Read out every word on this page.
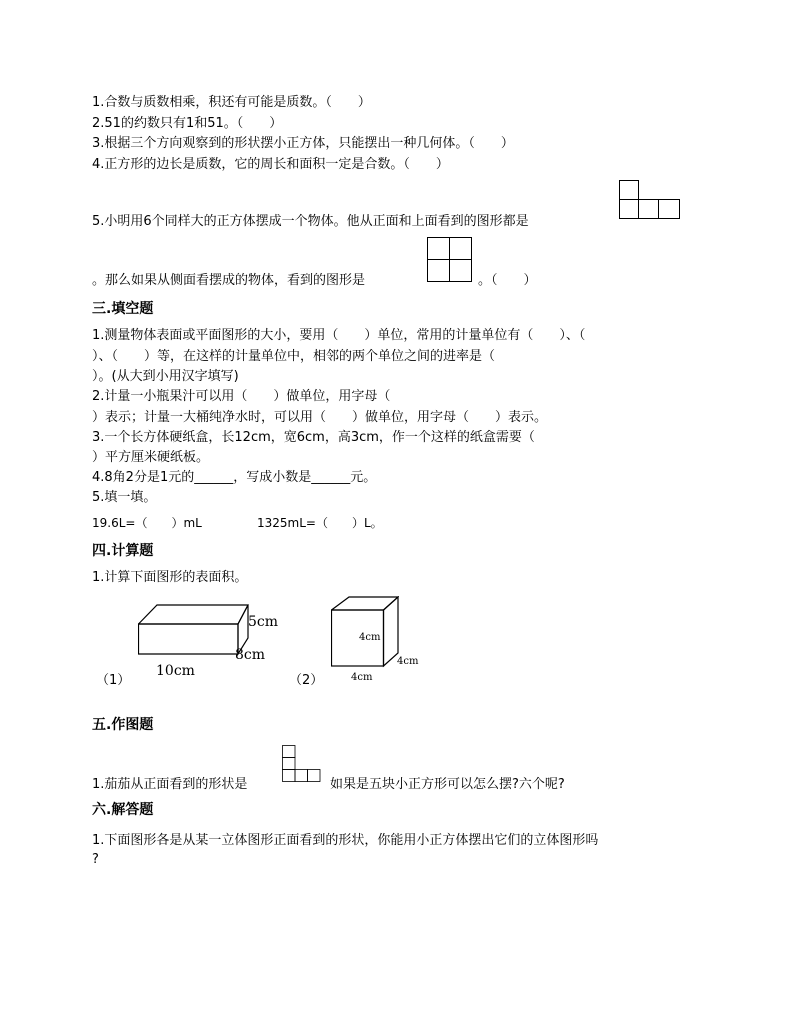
1.合数与质数相乘，积还有可能是质数。（　　）
2.51的约数只有1和51。（　　）
3.根据三个方向观察到的形状摆小正方体，只能摆出一种几何体。（　　）
4.正方形的边长是质数，它的周长和面积一定是合数。（　　）
5.小明用6个同样大的正方体摆成一个物体。他从正面和上面看到的图形都是
。那么如果从侧面看摆成的物体，看到的图形是	。（　　）
三.填空题
1.测量物体表面或平面图形的大小，要用（　　）单位，常用的计量单位有（　　）、（
）、（　　）等，在这样的计量单位中，相邻的两个单位之间的进率是（
）。(从大到小用汉字填写)
2.计量一小瓶果汁可以用（　　）做单位，用字母（
）表示；计量一大桶纯净水时，可以用（　　）做单位，用字母（　　）表示。
3.一个长方体硬纸盒，长12cm，宽6cm，高3cm，作一个这样的纸盒需要（
）平方厘米硬纸板。
4.8角2分是1元的______，写成小数是______元。
5.填一填。
19.6L=（　　）mL	1325mL=（　　）L。
四.计算题
1.计算下面图形的表面积。
5cm
8cm
10cm
（1）
4cm
4cm
4cm
（2）
五.作图题
1.茄茄从正面看到的形状是	如果是五块小正方形可以怎么摆?六个呢?
六.解答题
1.下面图形各是从某一立体图形正面看到的形状，你能用小正方体摆出它们的立体图形吗
?
